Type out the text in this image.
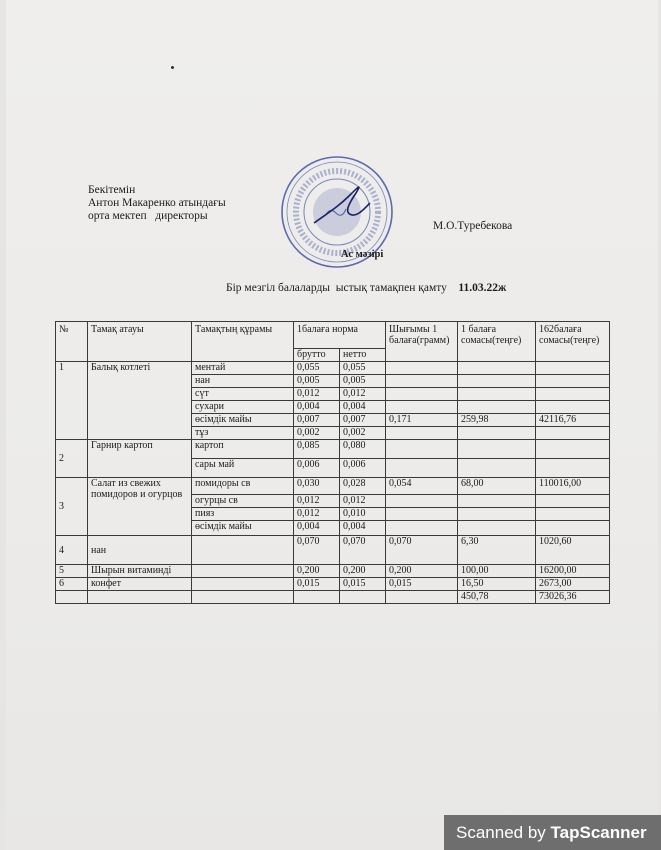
Бекітемін
Антон Макаренко атындағы
орта мектеп директоры
Ас мәзірі
М.О.Туребекова
Бір мезгіл балаларды  ыстық тамақпен қамту 11.03.22ж
№	Тамақ атауы	Тамақтың құрамы	1балаға норма		Шығымы 1 балаға(грамм)	1 балаға сомасы(теңге)	162балаға сомасы(теңге)
			брутто	нетто			
1	Балық котлеті	ментай	0,055	0,055			
		нан	0,005	0,005			
		сүт	0,012	0,012			
		сухари	0,004	0,004			
		өсімдік майы	0,007	0,007	0,171	259,98	42116,76
		тұз	0,002	0,002			
2	Гарнир картоп	картоп	0,085	0,080			
		сары май	0,006	0,006			
3	Салат из свежих помидоров и огурцов	помидоры св	0,030	0,028	0,054	68,00	110016,00
		огурцы св	0,012	0,012			
		пияз	0,012	0,010			
		өсімдік майы	0,004	0,004			
4	нан		0,070	0,070	0,070	6,30	1020,60
5	Шырын витаминді		0,200	0,200	0,200	100,00	16200,00
6	конфет		0,015	0,015	0,015	16,50	2673,00
						450,78	73026,36
Scanned by TapScanner
